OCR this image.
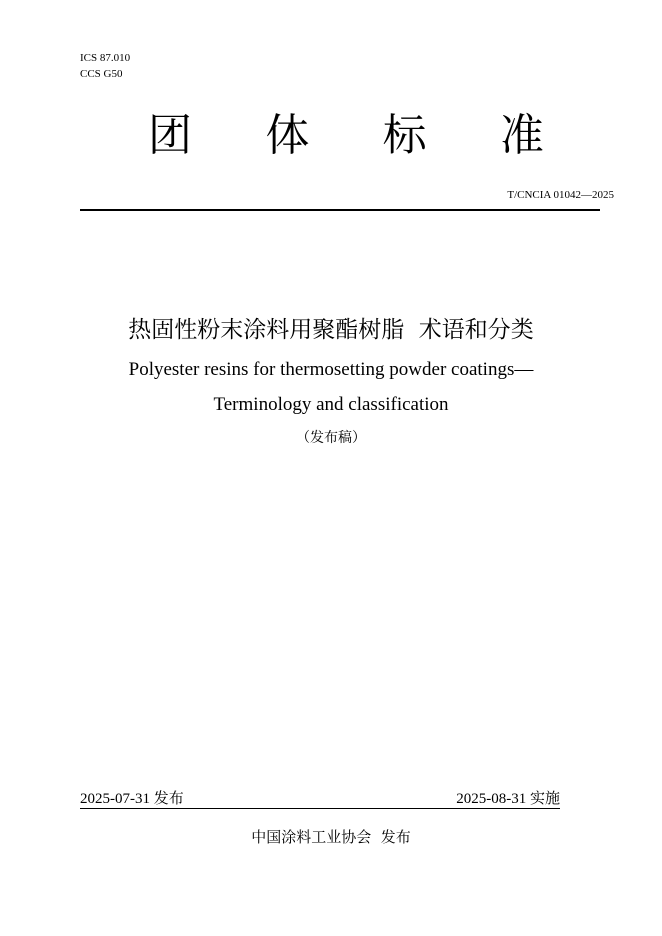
ICS 87.010
CCS G50
团 体 标 准
T/CNCIA 01042—2025
热固性粉末涂料用聚酯树脂  术语和分类
Polyester resins for thermosetting powder coatings—
Terminology and classification
（发布稿）
2025-07-31 发布	2025-08-31 实施
中国涂料工业协会  发布
